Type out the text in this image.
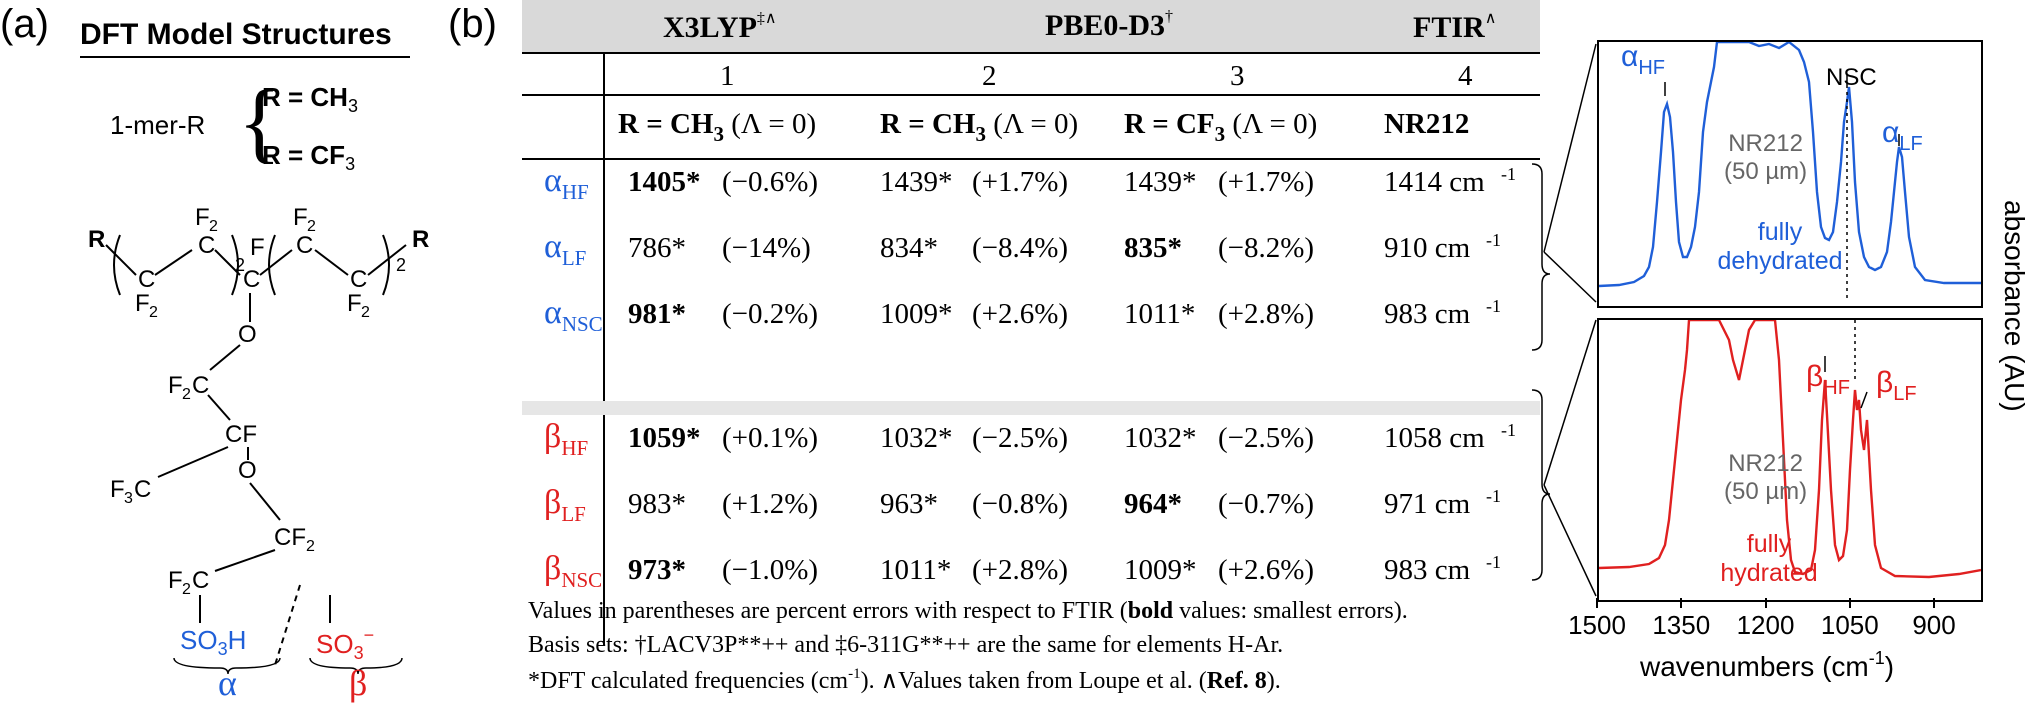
(a) DFT Model Structures
1-mer-R {
$R = CH_3$
$R = CF_3$
R
F 2
C
C
F 2
C
F
2
F 2
C
C
F 2
2
R
O
F 2 C
CF
F 3 C
O
CF 2
F 2 C
$SO_3H$	$SO_3^-$
α	β
(b)	X3LYP‡∧	PBE0-D3†	FTIR∧
1	2	3	4
$R = CH_3$ (Λ = 0) $R = CH_3$ (Λ = 0) $R = CF_3$ (Λ = 0) NR212
$\alpha_{HF}$ 1405* (−0.6%) 1439* (+1.7%) 1439* (+1.7%) 1414 cm -1
$\alpha_{LF}$ 786* (−14%) 834* (−8.4%) 835* (−8.2%) 910 cm -1
$\alpha_{NSC}$ 981* (−0.2%) 1009* (+2.6%) 1011* (+2.8%) 983 cm -1
$\beta_{HF}$ 1059* (+0.1%) 1032* (−2.5%) 1032* (−2.5%) 1058 cm -1
$\beta_{LF}$ 983* (+1.2%) 963* (−0.8%) 964* (−0.7%) 971 cm -1
$\beta_{NSC}$ 973* (−1.0%) 1011* (+2.8%) 1009* (+2.6%) 983 cm -1
Values in parentheses are percent errors with respect to FTIR (bold values: smallest errors).
Basis sets: †LACV3P**++ and ‡6-311G**++ are the same for elements H-Ar.
*DFT calculated frequencies $(cm^{-1})$. ∧Values taken from Loupe et al. (Ref. 8).
$\alpha_{HF}$	NSC
$\alpha_{LF}$
NR212
(50 µm)
fully
dehydrated
$\beta_{HF}$ $\beta_{LF}$
NR212
(50 µm)
fully
hydrated
1500 1350 1200 1050	900
wavenumbers $(cm^{-1})$
absorbance (AU)
